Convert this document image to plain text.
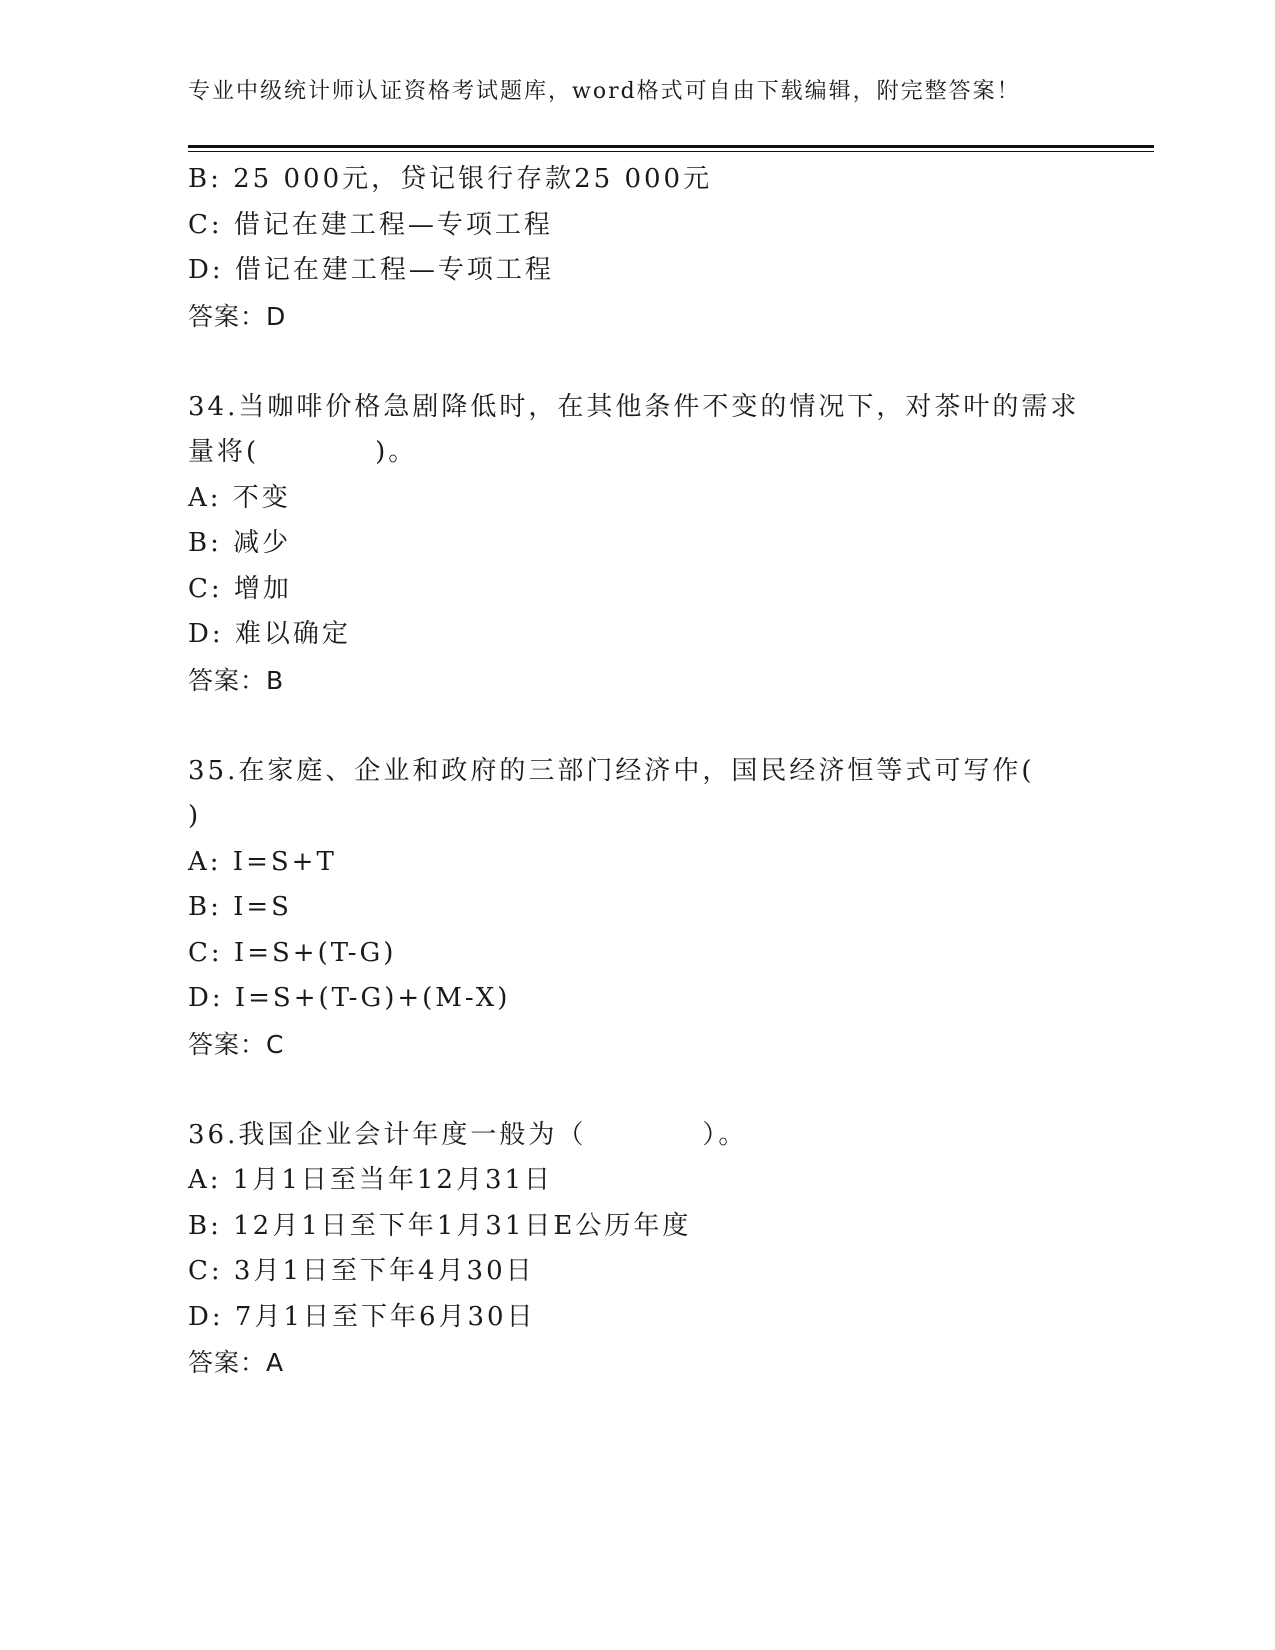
专业中级统计师认证资格考试题库，word格式可自由下载编辑，附完整答案！
B: 25 000元，贷记银行存款25 000元
C: 借记在建工程—专项工程
D: 借记在建工程—专项工程
答案：D
34.当咖啡价格急剧降低时，在其他条件不变的情况下，对茶叶的需求
量将(　　　　)。
A: 不变
B: 减少
C: 增加
D: 难以确定
答案：B
35.在家庭、企业和政府的三部门经济中，国民经济恒等式可写作(
)
A: I=S+T
B: I=S
C: I=S+(T-G)
D: I=S+(T-G)+(M-X)
答案：C
36.我国企业会计年度一般为（　　　　）。
A: 1月1日至当年12月31日
B: 12月1日至下年1月31日E公历年度
C: 3月1日至下年4月30日
D: 7月1日至下年6月30日
答案：A
